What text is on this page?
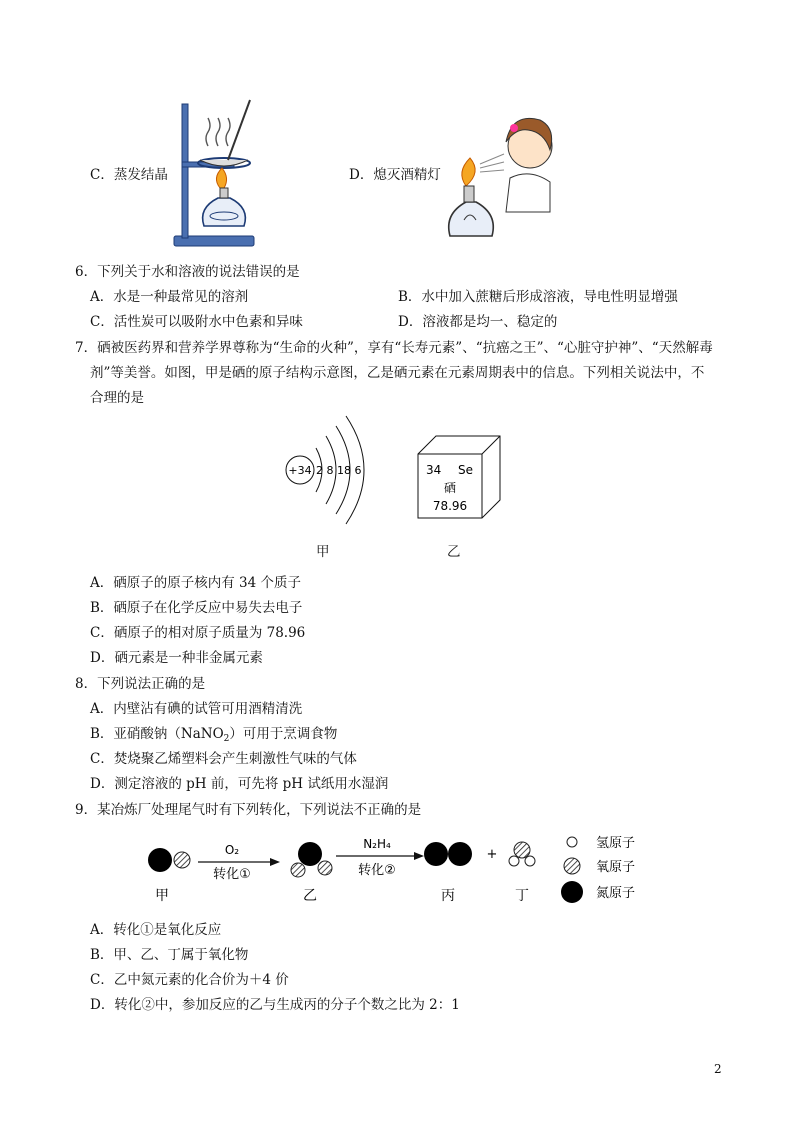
C．蒸发结晶	D．熄灭酒精灯
6．下列关于水和溶液的说法错误的是
A．水是一种最常见的溶剂	B．水中加入蔗糖后形成溶液，导电性明显增强
C．活性炭可以吸附水中色素和异味	D．溶液都是均一、稳定的
7．硒被医药界和营养学界尊称为“生命的火种”，享有“长寿元素”、“抗癌之王”、“心脏守护神”、“天然解毒
剂”等美誉。如图，甲是硒的原子结构示意图，乙是硒元素在元素周期表中的信息。下列相关说法中，不
合理的是
+34 2 8 18 6	34 Se
硒
78.96
甲	乙
A．硒原子的原子核内有 34 个质子
B．硒原子在化学反应中易失去电子
C．硒原子的相对原子质量为 78.96
D．硒元素是一种非金属元素
8．下列说法正确的是
A．内壁沾有碘的试管可用酒精清洗
B．亚硝酸钠（NaNO$_2$）可用于烹调食物
C．焚烧聚乙烯塑料会产生刺激性气味的气体
D．测定溶液的 pH 前，可先将 pH 试纸用水湿润
9．某冶炼厂处理尾气时有下列转化，下列说法不正确的是
O₂
转化①
N₂H₄
转化②
+
甲	乙	丙	丁
氢原子
氧原子
氮原子
A．转化①是氧化反应
B．甲、乙、丁属于氧化物
C．乙中氮元素的化合价为＋4 价
D．转化②中，参加反应的乙与生成丙的分子个数之比为 2：1
2
